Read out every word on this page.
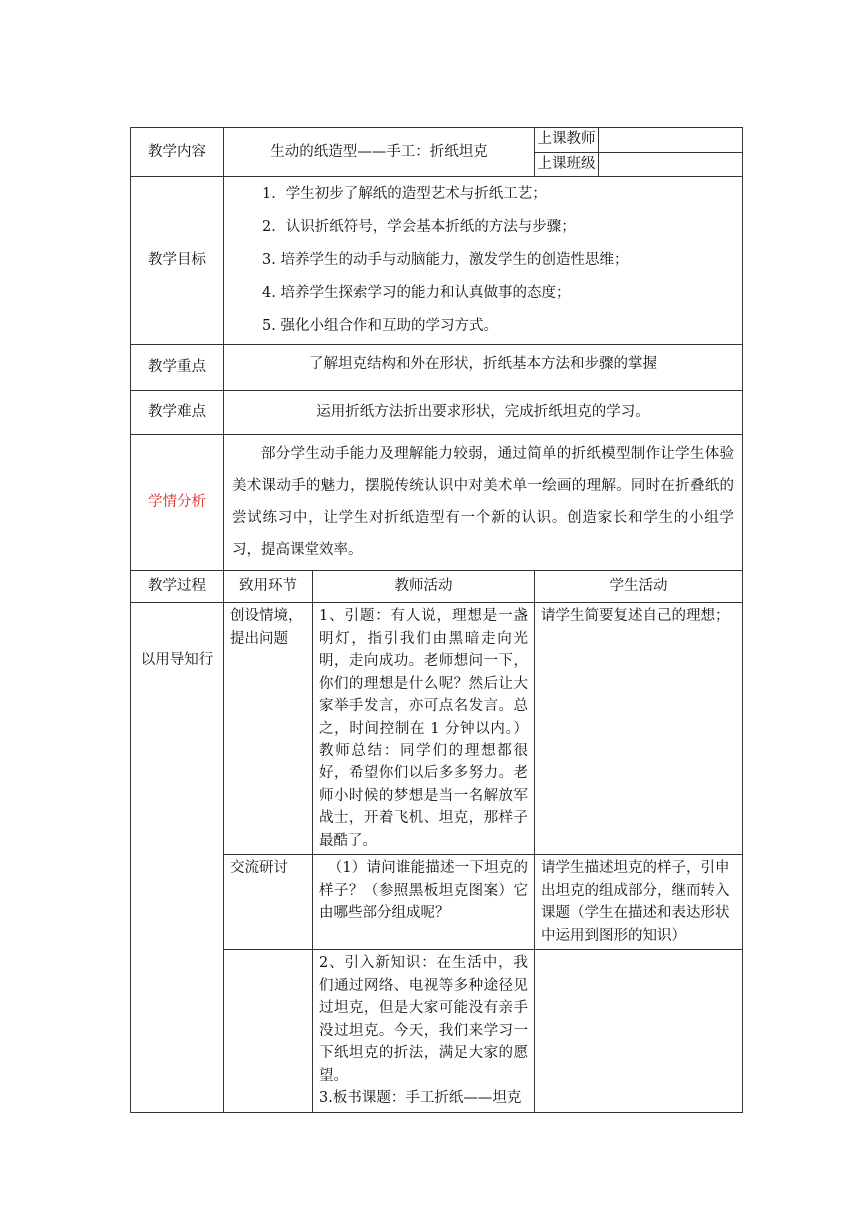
教学内容	生动的纸造型——手工：折纸坦克		上课教师	
			上课班级	
教学目标	1．学生初步了解纸的造型艺术与折纸工艺；
2．认识折纸符号，学会基本折纸的方法与步骤；
3. 培养学生的动手与动脑能力，激发学生的创造性思维；
4. 培养学生探索学习的能力和认真做事的态度；
5. 强化小组合作和互助的学习方式。			

教学重点	了解坦克结构和外在形状，折纸基本方法和步骤的掌握			
教学难点	运用折纸方法折出要求形状，完成折纸坦克的学习。			
学情分析	部分学生动手能力及理解能力较弱，通过简单的折纸模型制作让学生体验美术课动手的魅力，摆脱传统认识中对美术单一绘画的理解。同时在折叠纸的尝试练习中，让学生对折纸造型有一个新的认识。创造家长和学生的小组学习，提高课堂效率。			
教学过程	致用环节	教师活动	学生活动	
以用导知行	创设情境，提出问题	1、引题：有人说，理想是一盏明灯，指引我们由黑暗走向光明，走向成功。老师想问一下，你们的理想是什么呢？然后让大家举手发言，亦可点名发言。总之，时间控制在 1 分钟以内。） 教师总结：同学们的理想都很好，希望你们以后多多努力。老师小时候的梦想是当一名解放军战士，开着飞机、坦克，那样子最酷了。	请学生简要复述自己的理想；	
	交流研讨	（1）请问谁能描述一下坦克的样子？（参照黑板坦克图案）它由哪些部分组成呢？	请学生描述坦克的样子，引申出坦克的组成部分，继而转入课题（学生在描述和表达形状中运用到图形的知识）	

		2、引入新知识：在生活中，我们通过网络、电视等多种途径见过坦克，但是大家可能没有亲手没过坦克。今天，我们来学习一下纸坦克的折法，满足大家的愿望。
3.板书课题：手工折纸——坦克		
